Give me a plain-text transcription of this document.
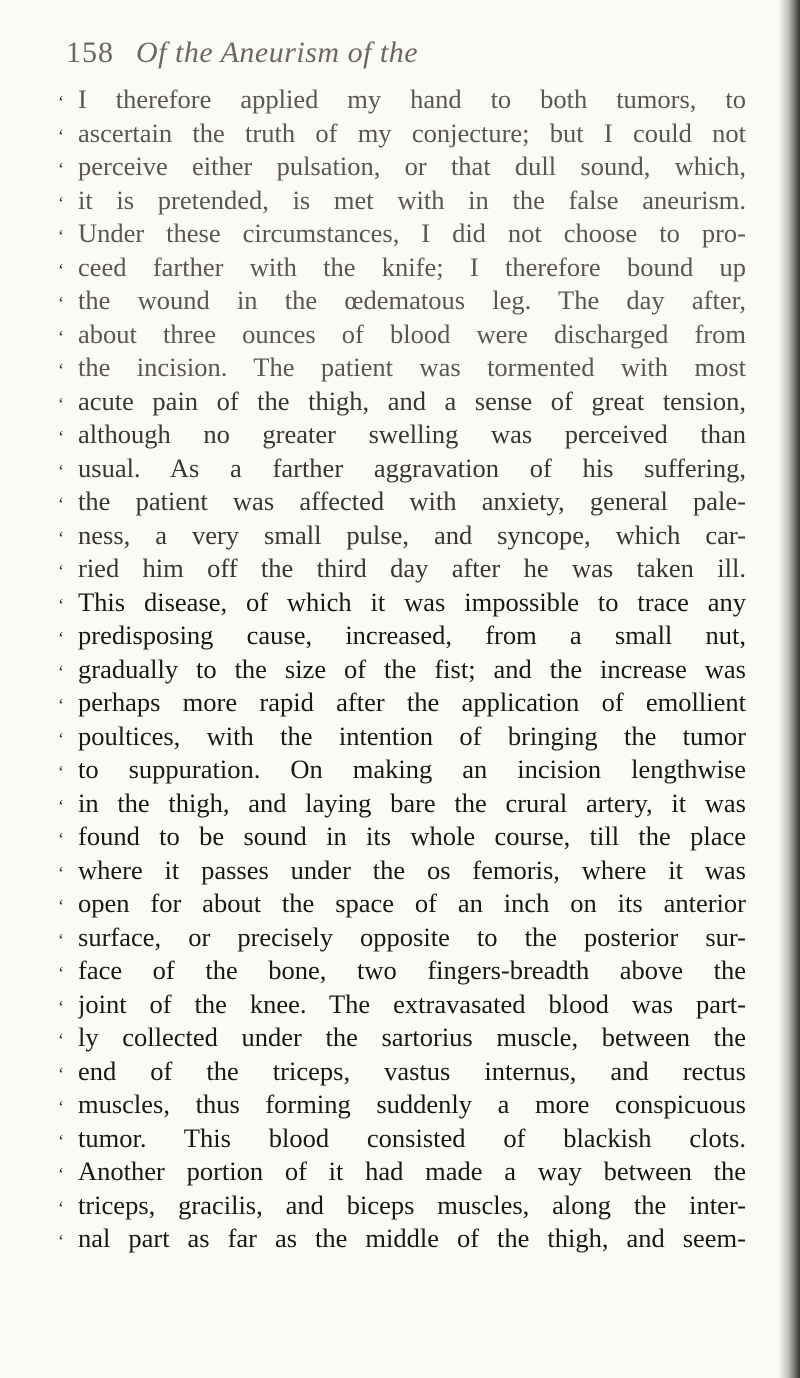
158 Of the Aneurism of the
‘ I therefore applied my hand to both tumors, to
‘ ascertain the truth of my conjecture; but I could not
‘ perceive either pulsation, or that dull sound, which,
‘ it is pretended, is met with in the false aneurism.
‘ Under these circumstances, I did not choose to pro-
‘ ceed farther with the knife; I therefore bound up
‘ the wound in the œdematous leg. The day after,
‘ about three ounces of blood were discharged from
‘ the incision. The patient was tormented with most
‘ acute pain of the thigh, and a sense of great tension,
‘ although no greater swelling was perceived than
‘ usual. As a farther aggravation of his suffering,
‘ the patient was affected with anxiety, general pale-
‘ ness, a very small pulse, and syncope, which car-
‘ ried him off the third day after he was taken ill.
‘ This disease, of which it was impossible to trace any
‘ predisposing cause, increased, from a small nut,
‘ gradually to the size of the fist; and the increase was
‘ perhaps more rapid after the application of emollient
‘ poultices, with the intention of bringing the tumor
‘ to suppuration. On making an incision lengthwise
‘ in the thigh, and laying bare the crural artery, it was
‘ found to be sound in its whole course, till the place
‘ where it passes under the os femoris, where it was
‘ open for about the space of an inch on its anterior
‘ surface, or precisely opposite to the posterior sur-
‘ face of the bone, two fingers-breadth above the
‘ joint of the knee. The extravasated blood was part-
‘ ly collected under the sartorius muscle, between the
‘ end of the triceps, vastus internus, and rectus
‘ muscles, thus forming suddenly a more conspicuous
‘ tumor. This blood consisted of blackish clots.
‘ Another portion of it had made a way between the
‘ triceps, gracilis, and biceps muscles, along the inter-
‘ nal part as far as the middle of the thigh, and seem-
